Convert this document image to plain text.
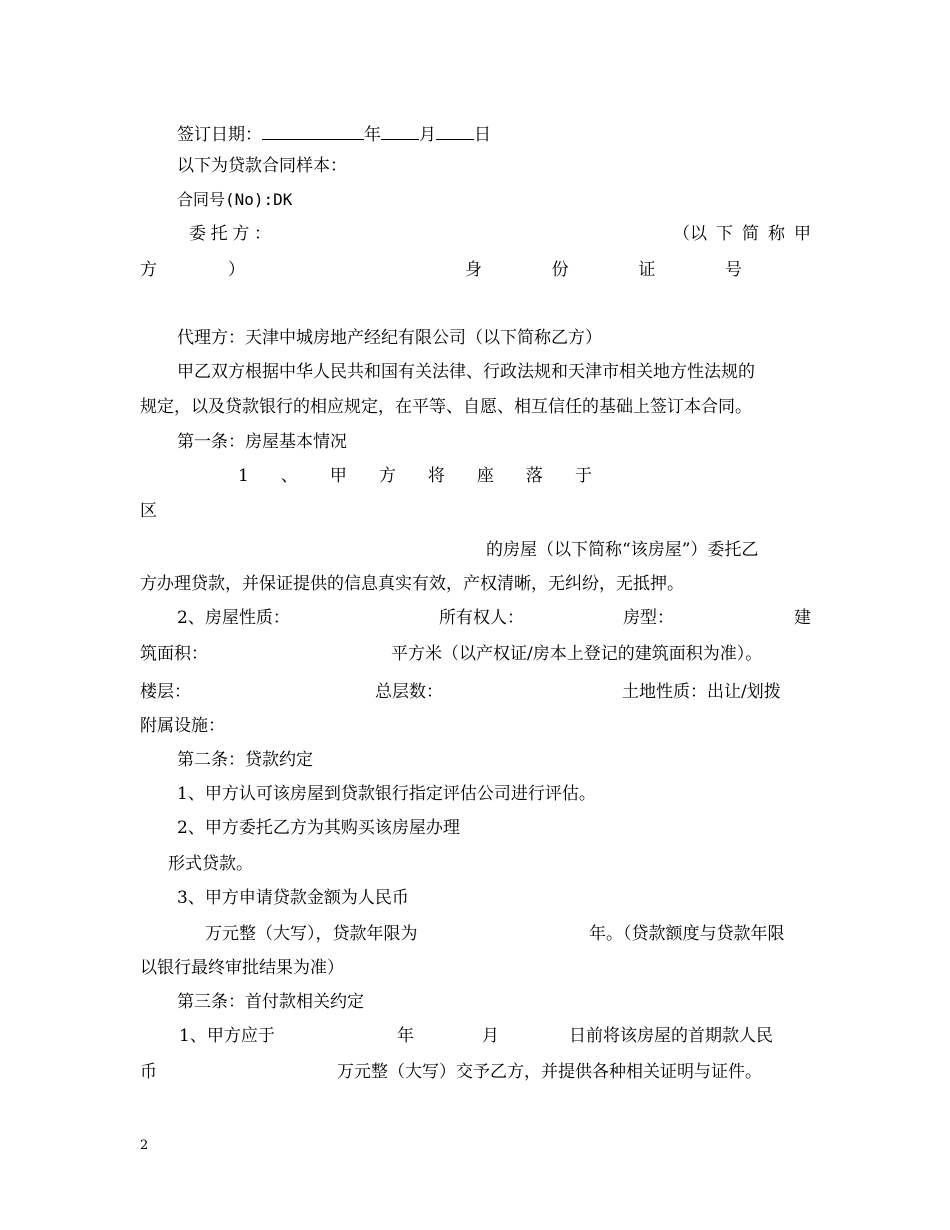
签订日期：	年 月 日
以下为贷款合同样本：
合同号(No):DK
委 托 方 ：	（以 下 简 称 甲
方	）	身	份	证	号
代理方：天津中城房地产经纪有限公司（以下简称乙方）
甲乙双方根据中华人民共和国有关法律、行政法规和天津市相关地方性法规的
规定，以及贷款银行的相应规定，在平等、自愿、相互信任的基础上签订本合同。
第一条：房屋基本情况
1 、 甲 方 将 座 落 于
区
的房屋（以下简称“该房屋”）委托乙
方办理贷款，并保证提供的信息真实有效，产权清晰，无纠纷，无抵押。
2、房屋性质：	所有权人：	房型：	建
筑面积：	平方米（以产权证/房本上登记的建筑面积为准）。
楼层：	总层数：	土地性质：出让/划拨
附属设施：
第二条：贷款约定
1、甲方认可该房屋到贷款银行指定评估公司进行评估。
2、甲方委托乙方为其购买该房屋办理
形式贷款。
3、甲方申请贷款金额为人民币
万元整（大写），贷款年限为	年。（贷款额度与贷款年限
以银行最终审批结果为准）
第三条：首付款相关约定
1、甲方应于	年	月	日前将该房屋的首期款人民
币	万元整（大写）交予乙方，并提供各种相关证明与证件。
2
